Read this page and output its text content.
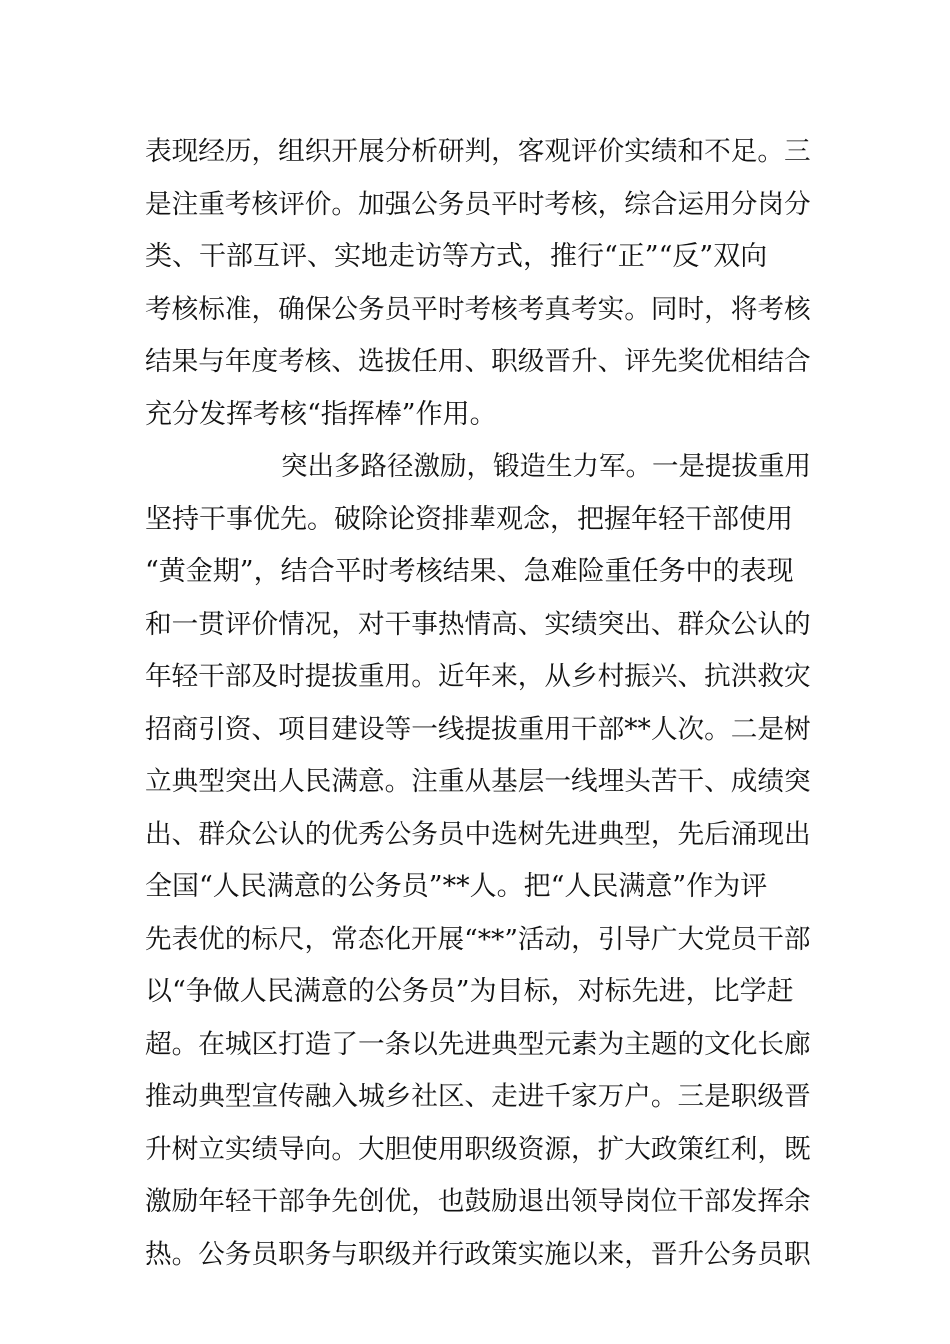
表现经历，组织开展分析研判，客观评价实绩和不足。三
是注重考核评价。加强公务员平时考核，综合运用分岗分
类、干部互评、实地走访等方式，推行“正”“反”双向
考核标准，确保公务员平时考核考真考实。同时，将考核
结果与年度考核、选拔任用、职级晋升、评先奖优相结合
充分发挥考核“指挥棒”作用。
突出多路径激励，锻造生力军。一是提拔重用
坚持干事优先。破除论资排辈观念，把握年轻干部使用
“黄金期”，结合平时考核结果、急难险重任务中的表现
和一贯评价情况，对干事热情高、实绩突出、群众公认的
年轻干部及时提拔重用。近年来，从乡村振兴、抗洪救灾
招商引资、项目建设等一线提拔重用干部**人次。二是树
立典型突出人民满意。注重从基层一线埋头苦干、成绩突
出、群众公认的优秀公务员中选树先进典型，先后涌现出
全国“人民满意的公务员”**人。把“人民满意”作为评
先表优的标尺，常态化开展“**”活动，引导广大党员干部
以“争做人民满意的公务员”为目标，对标先进，比学赶
超。在城区打造了一条以先进典型元素为主题的文化长廊
推动典型宣传融入城乡社区、走进千家万户。三是职级晋
升树立实绩导向。大胆使用职级资源，扩大政策红利，既
激励年轻干部争先创优，也鼓励退出领导岗位干部发挥余
热。公务员职务与职级并行政策实施以来，晋升公务员职
